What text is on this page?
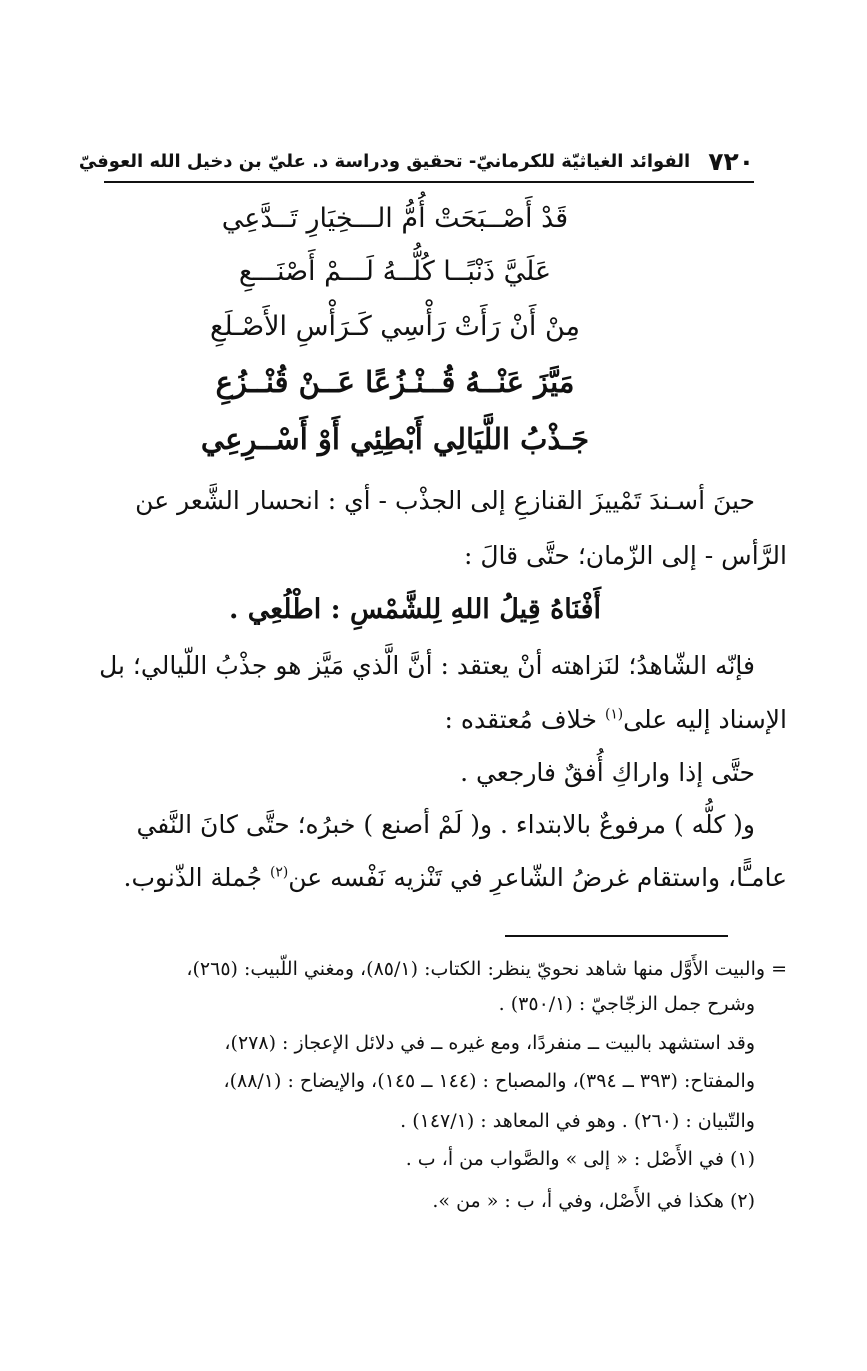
٧٢٠
الفوائد الغياثيّة للكرمانيّ- تحقيق ودراسة د. عليّ بن دخيل الله العوفيّ
قَدْ أَصْــبَحَتْ أُمُّ الـــخِيَارِ تَــدَّعِي
عَلَيَّ ذَنْبًــا كُلُّــهُ لَـــمْ أَصْنَـــعِ
مِنْ أَنْ رَأَتْ رَأْسِي كَـرَأْسِ الأَصْـلَعِ
مَيَّزَ عَنْــهُ قُــنْـزُعًا عَــنْ قُنْــزُعِ
جَـذْبُ اللَّيَالِي أَبْطِئِي أَوْ أَسْــرِعِي
حينَ أسـندَ تَمْييزَ القنازعِ إلى الجذْب - أي : انحسار الشَّعر عن
الرَّأس - إلى الزّمان؛ حتَّى قالَ :
أَفْنَاهُ قِيلُ اللهِ لِلشَّمْسِ : اطْلُعِي .
فإنّه الشّاهدُ؛ لنَزاهته أنْ يعتقد : أنَّ الَّذي مَيَّز هو جذْبُ اللّيالي؛ بل
الإسناد إليه على$^{(١)}$ خلاف مُعتقده :
حتَّى إذا واراكِ أُفقٌ فارجعي .
و( كلُّه ) مرفوعٌ بالابتداء . و( لَمْ أصنع ) خبرُه؛ حتَّى كانَ النَّفي
عامـًّا، واستقام غرضُ الشّاعرِ في تَنْزيه نَفْسه عن$^{(٢)}$ جُملة الذّنوب.
= والبيت الأَوَّل منها شاهد نحويّ ينظر: الكتاب: (٨٥/١)، ومغني اللّبيب: (٢٦٥)،
وشرح جمل الزجّاجيّ : (٣٥٠/١) .
وقد استشهد بالبيت ــ منفردًا، ومع غيره ــ في دلائل الإعجاز : (٢٧٨)،
والمفتاح: (٣٩٣ ــ ٣٩٤)، والمصباح : (١٤٤ ــ ١٤٥)، والإيضاح : (٨٨/١)،
والتّبيان : (٢٦٠) . وهو في المعاهد : (١٤٧/١) .
(١) في الأَصْل : « إلى » والصَّواب من أ، ب .
(٢) هكذا في الأَصْل، وفي أ، ب : « من ».
